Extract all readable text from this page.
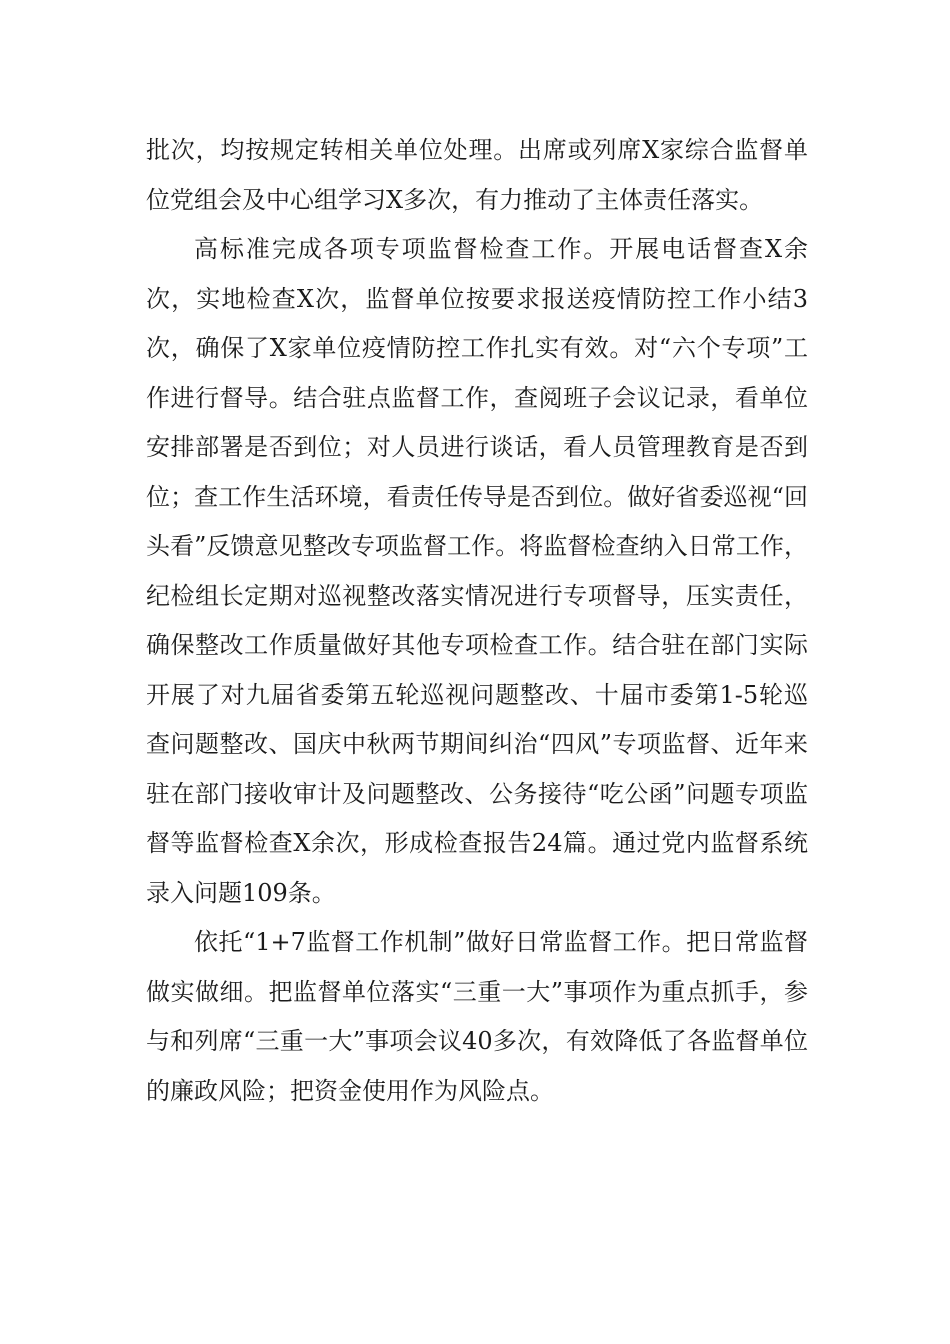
批次，均按规定转相关单位处理。出席或列席X家综合监督单位党组会及中心组学习X多次，有力推动了主体责任落实。

高标准完成各项专项监督检查工作。开展电话督查X余次，实地检查X次，监督单位按要求报送疫情防控工作小结3次，确保了X家单位疫情防控工作扎实有效。对“六个专项”工作进行督导。结合驻点监督工作，查阅班子会议记录，看单位安排部署是否到位；对人员进行谈话，看人员管理教育是否到位；查工作生活环境，看责任传导是否到位。做好省委巡视“回头看”反馈意见整改专项监督工作。将监督检查纳入日常工作，纪检组长定期对巡视整改落实情况进行专项督导，压实责任，确保整改工作质量做好其他专项检查工作。结合驻在部门实际开展了对九届省委第五轮巡视问题整改、十届市委第1-5轮巡查问题整改、国庆中秋两节期间纠治“四风”专项监督、近年来驻在部门接收审计及问题整改、公务接待“吃公函”问题专项监督等监督检查X余次，形成检查报告24篇。通过党内监督系统录入问题109条。

依托“1+7监督工作机制”做好日常监督工作。把日常监督做实做细。把监督单位落实“三重一大”事项作为重点抓手，参与和列席“三重一大”事项会议40多次，有效降低了各监督单位的廉政风险；把资金使用作为风险点。
